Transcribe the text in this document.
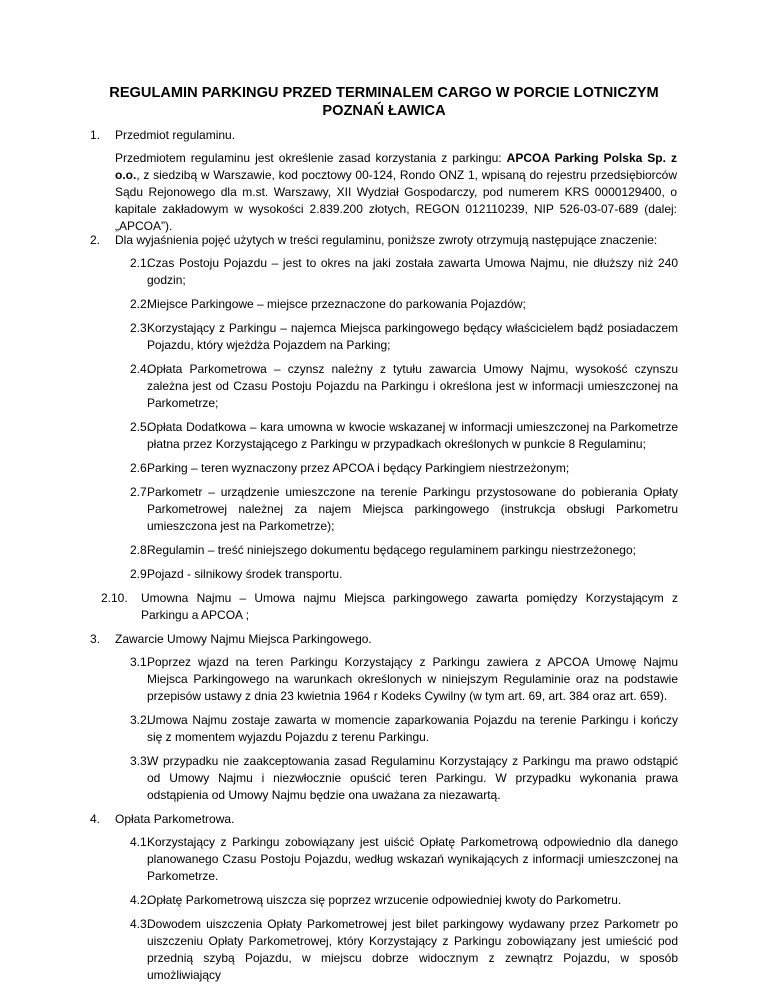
REGULAMIN PARKINGU PRZED TERMINALEM CARGO W PORCIE LOTNICZYM
POZNAŃ ŁAWICA
1. Przedmiot regulaminu.

Przedmiotem regulaminu jest określenie zasad korzystania z parkingu: APCOA Parking Polska Sp. z o.o., z siedzibą w Warszawie, kod pocztowy 00-124, Rondo ONZ 1, wpisaną do rejestru przedsiębiorców Sądu Rejonowego dla m.st. Warszawy, XII Wydział Gospodarczy, pod numerem KRS 0000129400, o kapitale zakładowym w wysokości 2.839.200 złotych, REGON 012110239, NIP 526-03-07-689 (dalej: „APCOA”).

2. Dla wyjaśnienia pojęć użytych w treści regulaminu, poniższe zwroty otrzymują następujące znaczenie:
2.1.
Czas Postoju Pojazdu – jest to okres na jaki została zawarta Umowa Najmu, nie dłuższy niż 240 godzin;
2.2.
Miejsce Parkingowe – miejsce przeznaczone do parkowania Pojazdów;
2.3.
Korzystający z Parkingu – najemca Miejsca parkingowego będący właścicielem bądź posiadaczem Pojazdu, który wjeżdża Pojazdem na Parking;
2.4.
Opłata Parkometrowa – czynsz należny z tytułu zawarcia Umowy Najmu, wysokość czynszu zależna jest od Czasu Postoju Pojazdu na Parkingu i określona jest w informacji umieszczonej na Parkometrze;
2.5.
Opłata Dodatkowa – kara umowna w kwocie wskazanej w informacji umieszczonej na Parkometrze płatna przez Korzystającego z Parkingu w przypadkach określonych w punkcie 8 Regulaminu;
2.6.
Parking – teren wyznaczony przez APCOA i będący Parkingiem niestrzeżonym;
2.7.
Parkometr – urządzenie umieszczone na terenie Parkingu przystosowane do pobierania Opłaty Parkometrowej należnej za najem Miejsca parkingowego (instrukcja obsługi Parkometru umieszczona jest na Parkometrze);
2.8.
Regulamin – treść niniejszego dokumentu będącego regulaminem parkingu niestrzeżonego;
2.9.
Pojazd - silnikowy środek transportu.
2.10.	Umowna Najmu – Umowa najmu Miejsca parkingowego zawarta pomiędzy Korzystającym z Parkingu a APCOA ;
3. Zawarcie Umowy Najmu Miejsca Parkingowego.
3.1.
Poprzez wjazd na teren Parkingu Korzystający z Parkingu zawiera z APCOA Umowę Najmu Miejsca Parkingowego na warunkach określonych w niniejszym Regulaminie oraz na podstawie przepisów ustawy z dnia 23 kwietnia 1964 r Kodeks Cywilny (w tym art. 69, art. 384 oraz art. 659).
3.2.
Umowa Najmu zostaje zawarta w momencie zaparkowania Pojazdu na terenie Parkingu i kończy się z momentem wyjazdu Pojazdu z terenu Parkingu.
3.3.
W przypadku nie zaakceptowania zasad Regulaminu Korzystający z Parkingu ma prawo odstąpić od Umowy Najmu i niezwłocznie opuścić teren Parkingu. W przypadku wykonania prawa odstąpienia od Umowy Najmu będzie ona uważana za niezawartą.
4. Opłata Parkometrowa.
4.1.
Korzystający z Parkingu zobowiązany jest uiścić Opłatę Parkometrową odpowiednio dla danego planowanego Czasu Postoju Pojazdu, według wskazań wynikających z informacji umieszczonej na Parkometrze.
4.2.
Opłatę Parkometrową uiszcza się poprzez wrzucenie odpowiedniej kwoty do Parkometru.
4.3.
Dowodem uiszczenia Opłaty Parkometrowej jest bilet parkingowy wydawany przez Parkometr po uiszczeniu Opłaty Parkometrowej, który Korzystający z Parkingu zobowiązany jest umieścić pod przednią szybą Pojazdu, w miejscu dobrze widocznym z zewnątrz Pojazdu, w sposób umożliwiający
